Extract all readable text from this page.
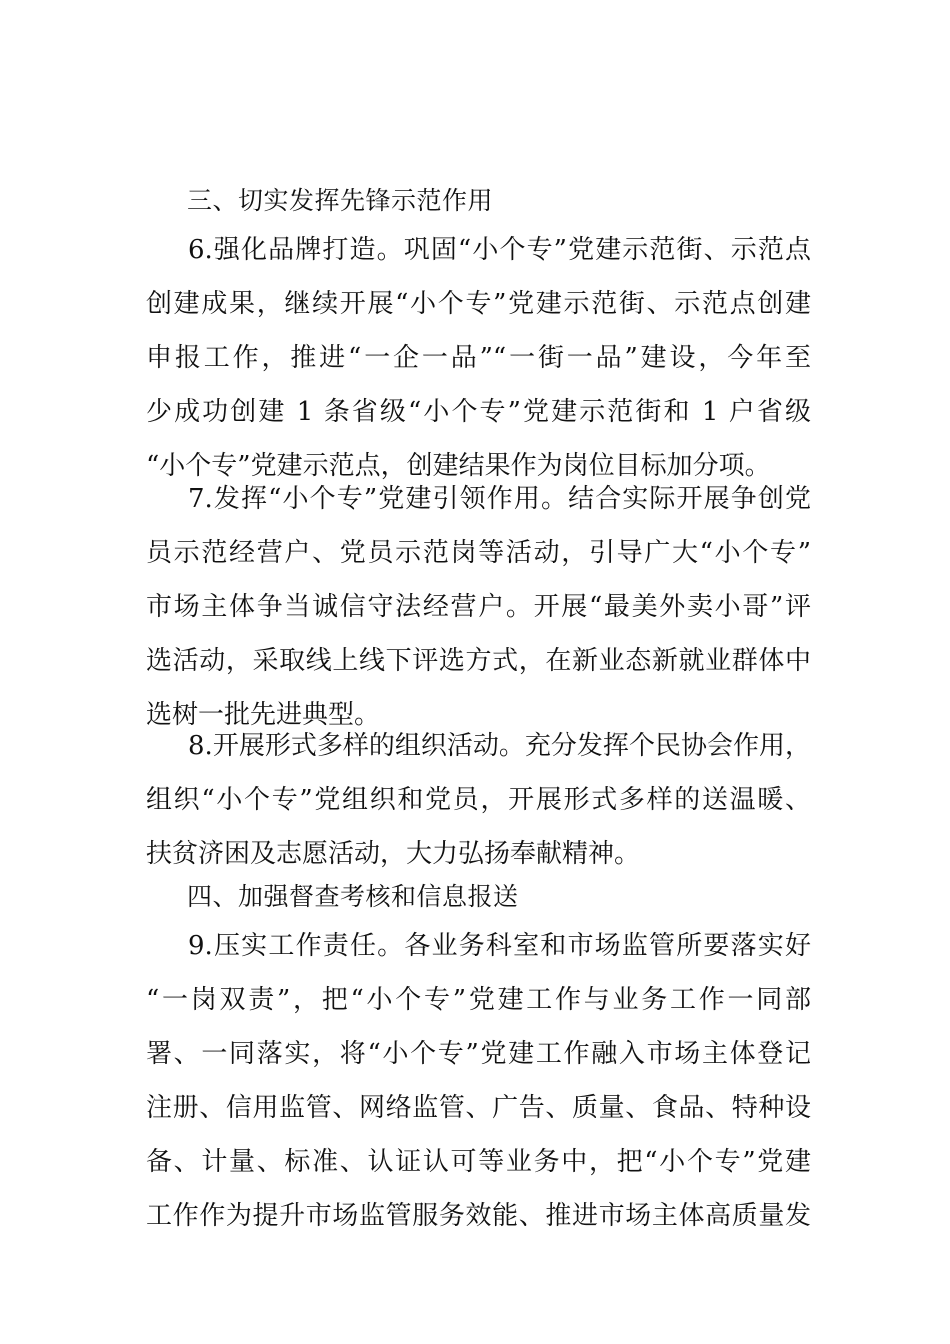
三、切实发挥先锋示范作用
6.强化品牌打造。巩固“小个专”党建示范街、示范点
创建成果，继续开展“小个专”党建示范街、示范点创建
申报工作，推进“一企一品”“一街一品”建设，今年至
少成功创建 1 条省级“小个专”党建示范街和 1 户省级
“小个专”党建示范点，创建结果作为岗位目标加分项。
7.发挥“小个专”党建引领作用。结合实际开展争创党
员示范经营户、党员示范岗等活动，引导广大“小个专”
市场主体争当诚信守法经营户。开展“最美外卖小哥”评
选活动，采取线上线下评选方式，在新业态新就业群体中
选树一批先进典型。
8.开展形式多样的组织活动。充分发挥个民协会作用，
组织“小个专”党组织和党员，开展形式多样的送温暖、
扶贫济困及志愿活动，大力弘扬奉献精神。
四、加强督查考核和信息报送
9.压实工作责任。各业务科室和市场监管所要落实好
“一岗双责”，把“小个专”党建工作与业务工作一同部
署、一同落实，将“小个专”党建工作融入市场主体登记
注册、信用监管、网络监管、广告、质量、食品、特种设
备、计量、标准、认证认可等业务中，把“小个专”党建
工作作为提升市场监管服务效能、推进市场主体高质量发
